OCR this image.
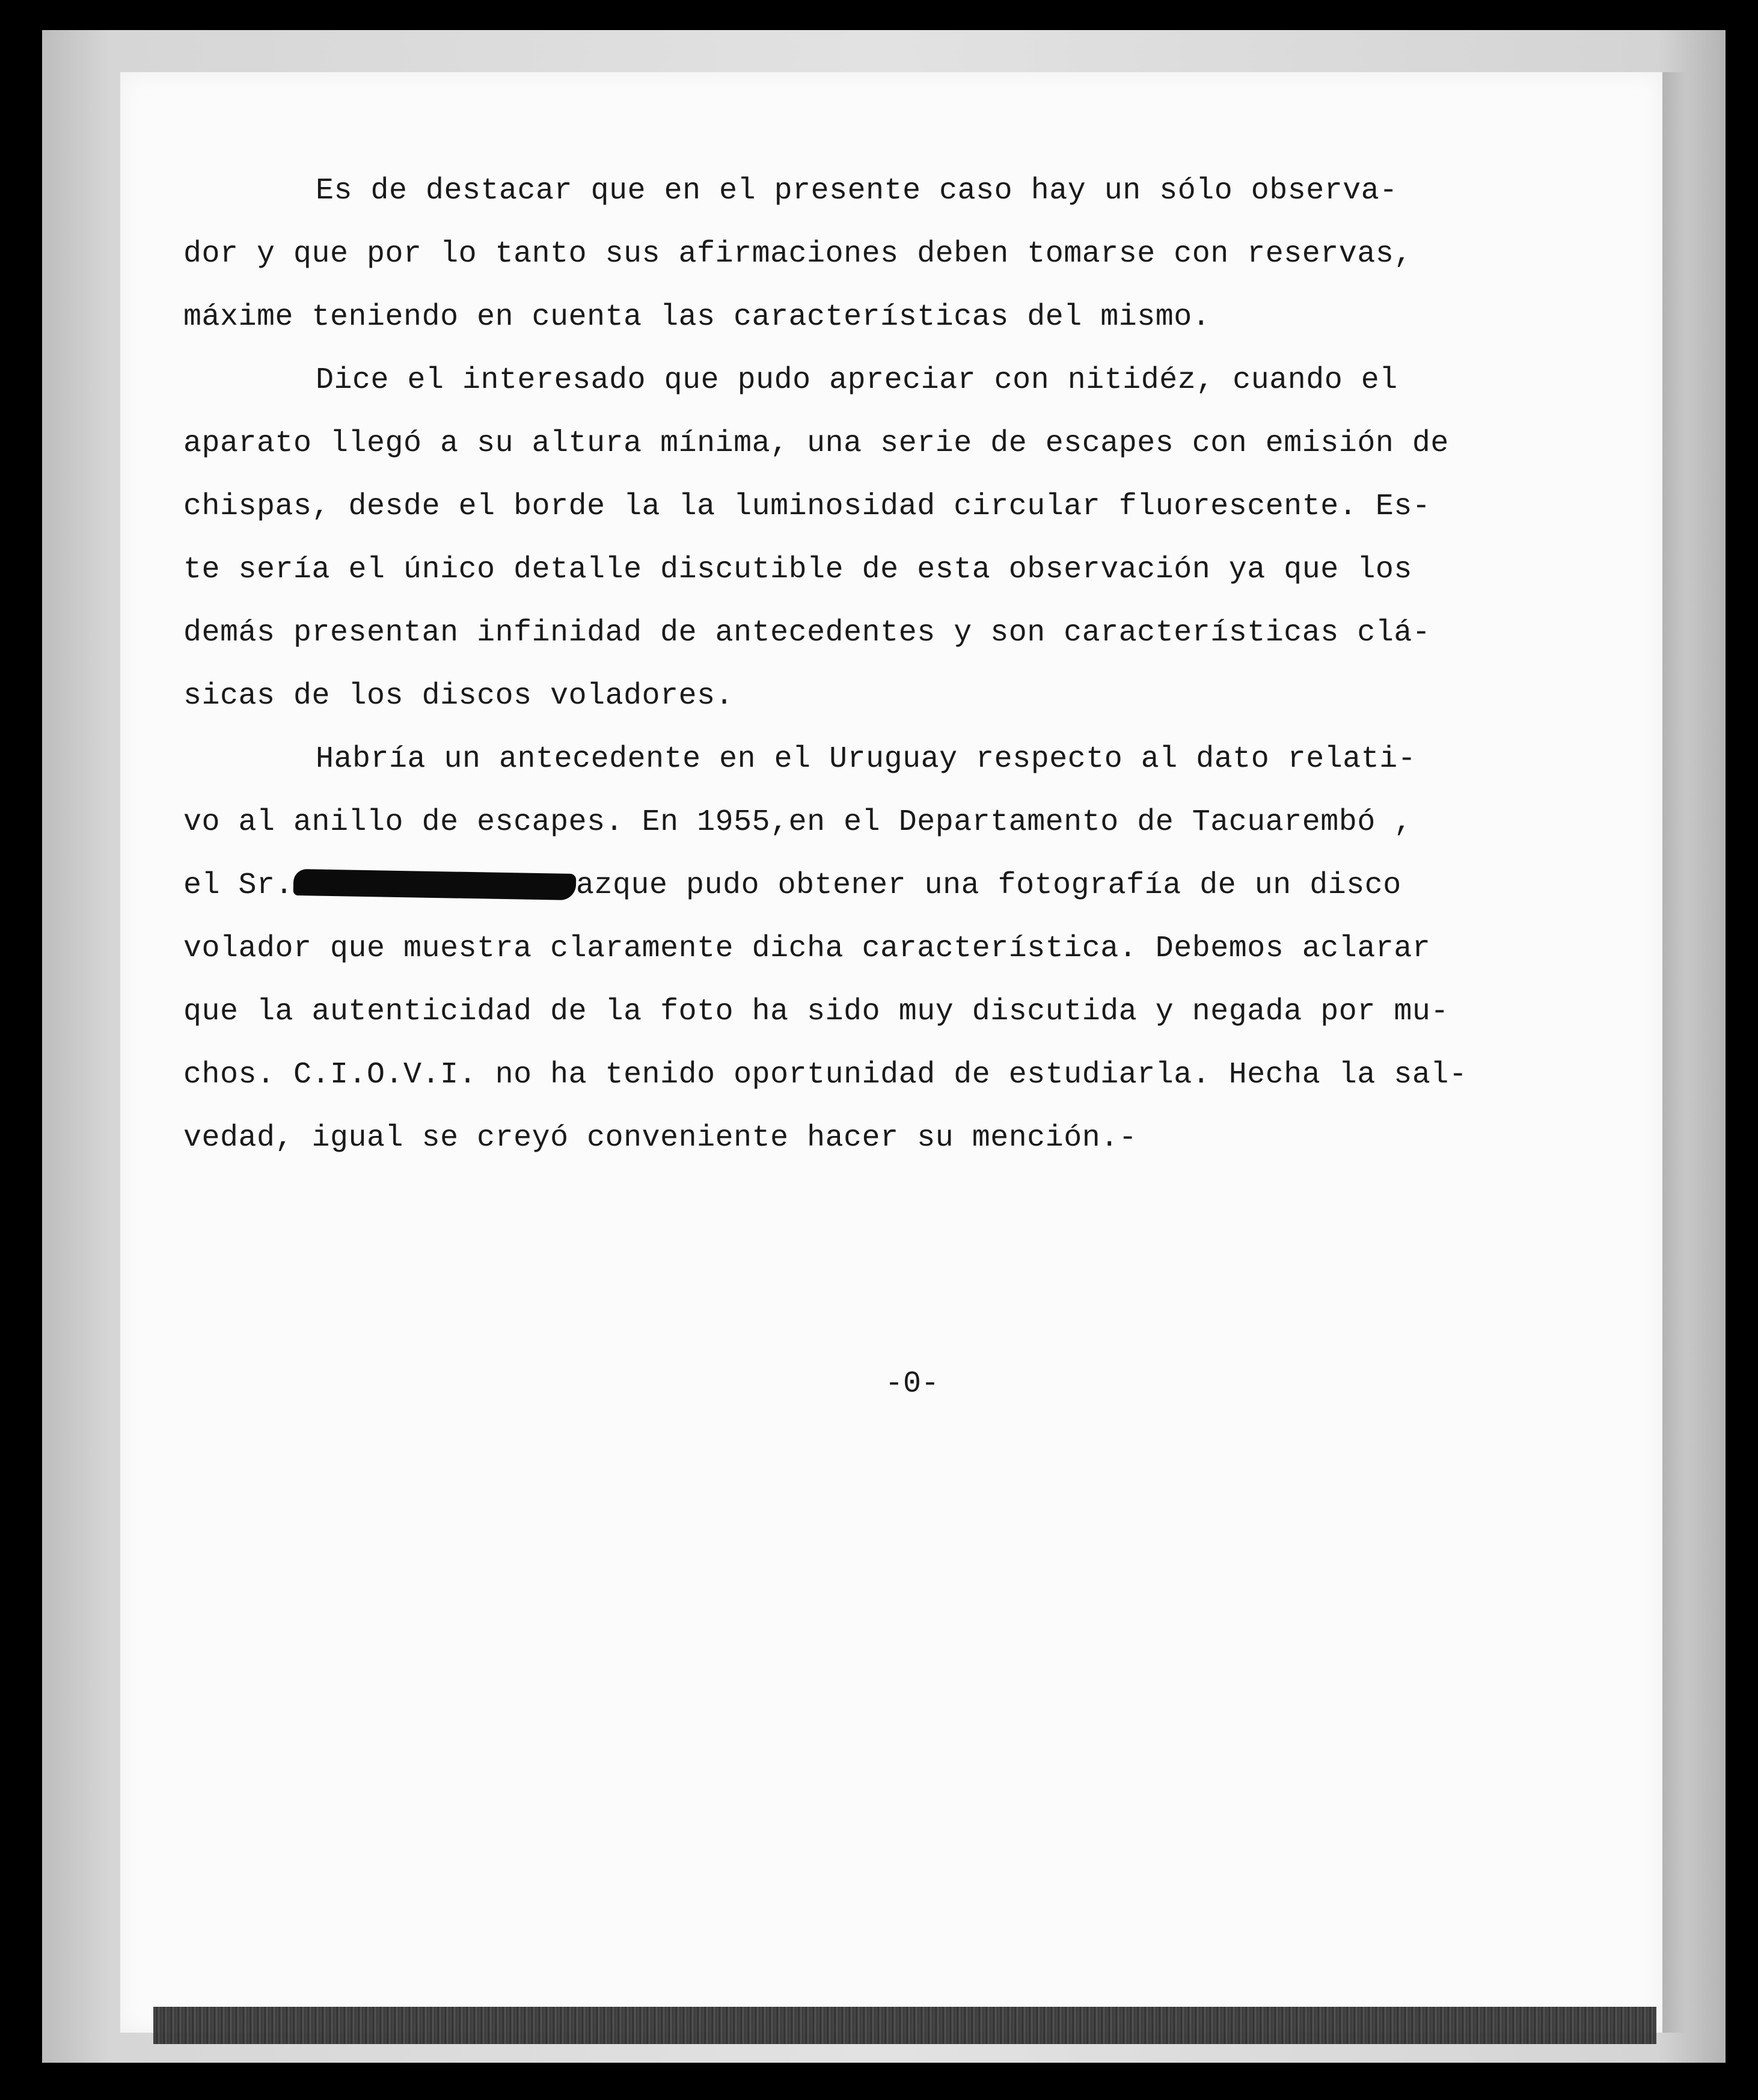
Es de destacar que en el presente caso hay un sólo observa-
dor y que por lo tanto sus afirmaciones deben tomarse con reservas,
máxime teniendo en cuenta las características del mismo.
Dice el interesado que pudo apreciar con nitidéz, cuando el
aparato llegó a su altura mínima, una serie de escapes con emisión de
chispas, desde el borde la la luminosidad circular fluorescente. Es-
te sería el único detalle discutible de esta observación ya que los
demás presentan infinidad de antecedentes y son características clá-
sicas de los discos voladores.
Habría un antecedente en el Uruguay respecto al dato relati-
vo al anillo de escapes. En 1955,en el Departamento de Tacuarembó ,
el Sr.	azque pudo obtener una fotografía de un disco
volador que muestra claramente dicha característica. Debemos aclarar
que la autenticidad de la foto ha sido muy discutida y negada por mu-
chos. C.I.O.V.I. no ha tenido oportunidad de estudiarla. Hecha la sal-
vedad, igual se creyó conveniente hacer su mención.-
-0-
